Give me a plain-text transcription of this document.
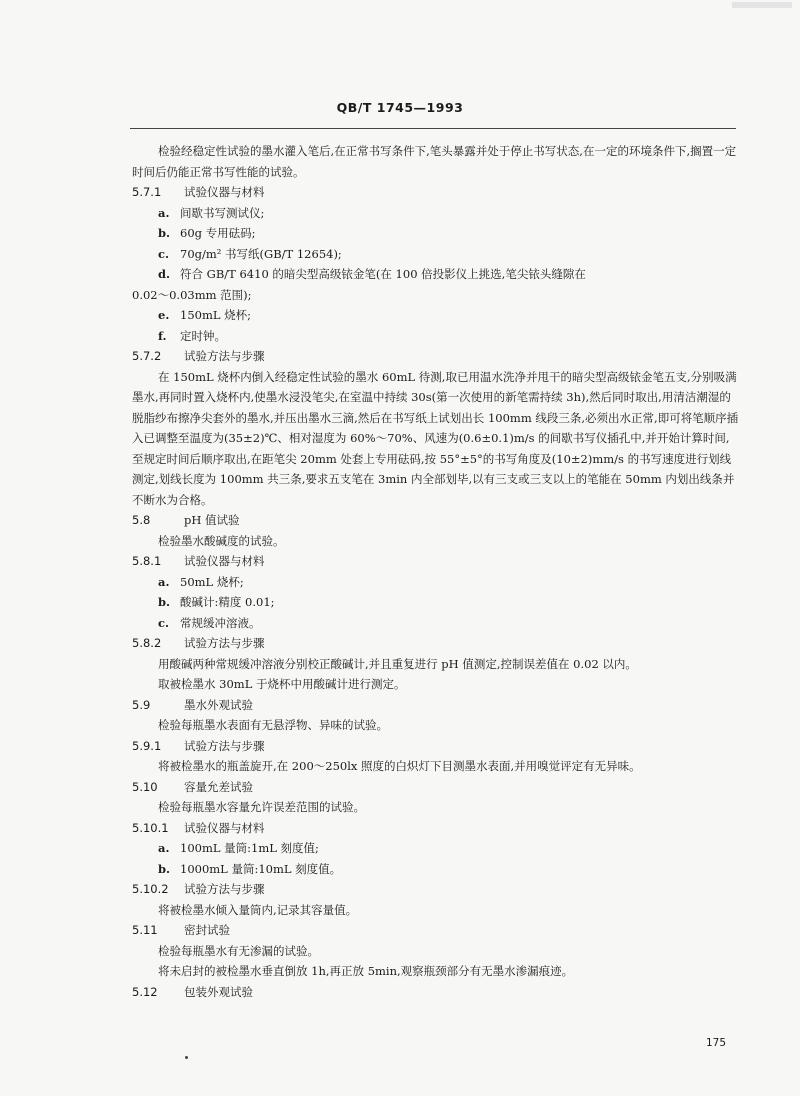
QB/T 1745—1993

检验经稳定性试验的墨水灌入笔后,在正常书写条件下,笔头暴露并处于停止书写状态,在一定的环境条件下,搁置一定时间后仍能正常书写性能的试验。

5.7.1 试验仪器与材料

a. 间歇书写测试仪;

b. 60g 专用砝码;

c. 70g/m² 书写纸(GB/T 12654);

d. 符合 GB/T 6410 的暗尖型高级铱金笔(在 100 倍投影仪上挑选,笔尖铱头缝隙在

0.02～0.03mm 范围);

e. 150mL 烧杯;

f. 定时钟。

5.7.2 试验方法与步骤

在 150mL 烧杯内倒入经稳定性试验的墨水 60mL 待测,取已用温水洗净并甩干的暗尖型高级铱金笔五支,分别吸满墨水,再同时置入烧杯内,使墨水浸没笔尖,在室温中持续 30s(第一次使用的新笔需持续 3h),然后同时取出,用清洁潮湿的脱脂纱布擦净尖套外的墨水,并压出墨水三滴,然后在书写纸上试划出长 100mm 线段三条,必须出水正常,即可将笔顺序插入已调整至温度为(35±2)℃、相对湿度为 60%～70%、风速为(0.6±0.1)m/s 的间歇书写仪插孔中,并开始计算时间,至规定时间后顺序取出,在距笔尖 20mm 处套上专用砝码,按 55°±5°的书写角度及(10±2)mm/s 的书写速度进行划线测定,划线长度为 100mm 共三条,要求五支笔在 3min 内全部划毕,以有三支或三支以上的笔能在 50mm 内划出线条并不断水为合格。

5.8	pH 值试验

检验墨水酸碱度的试验。

5.8.1 试验仪器与材料

a. 50mL 烧杯;

b. 酸碱计:精度 0.01;

c. 常规缓冲溶液。

5.8.2 试验方法与步骤

用酸碱两种常规缓冲溶液分别校正酸碱计,并且重复进行 pH 值测定,控制误差值在 0.02 以内。

取被检墨水 30mL 于烧杯中用酸碱计进行测定。

5.9	墨水外观试验

检验每瓶墨水表面有无悬浮物、异味的试验。

5.9.1 试验方法与步骤

将被检墨水的瓶盖旋开,在 200～250lx 照度的白炽灯下目测墨水表面,并用嗅觉评定有无异味。

5.10 容量允差试验

检验每瓶墨水容量允许误差范围的试验。

5.10.1 试验仪器与材料

a. 100mL 量筒:1mL 刻度值;

b. 1000mL 量筒:10mL 刻度值。

5.10.2 试验方法与步骤

将被检墨水倾入量筒内,记录其容量值。

5.11 密封试验

检验每瓶墨水有无渗漏的试验。

将未启封的被检墨水垂直倒放 1h,再正放 5min,观察瓶颈部分有无墨水渗漏痕迹。

5.12 包装外观试验

175
